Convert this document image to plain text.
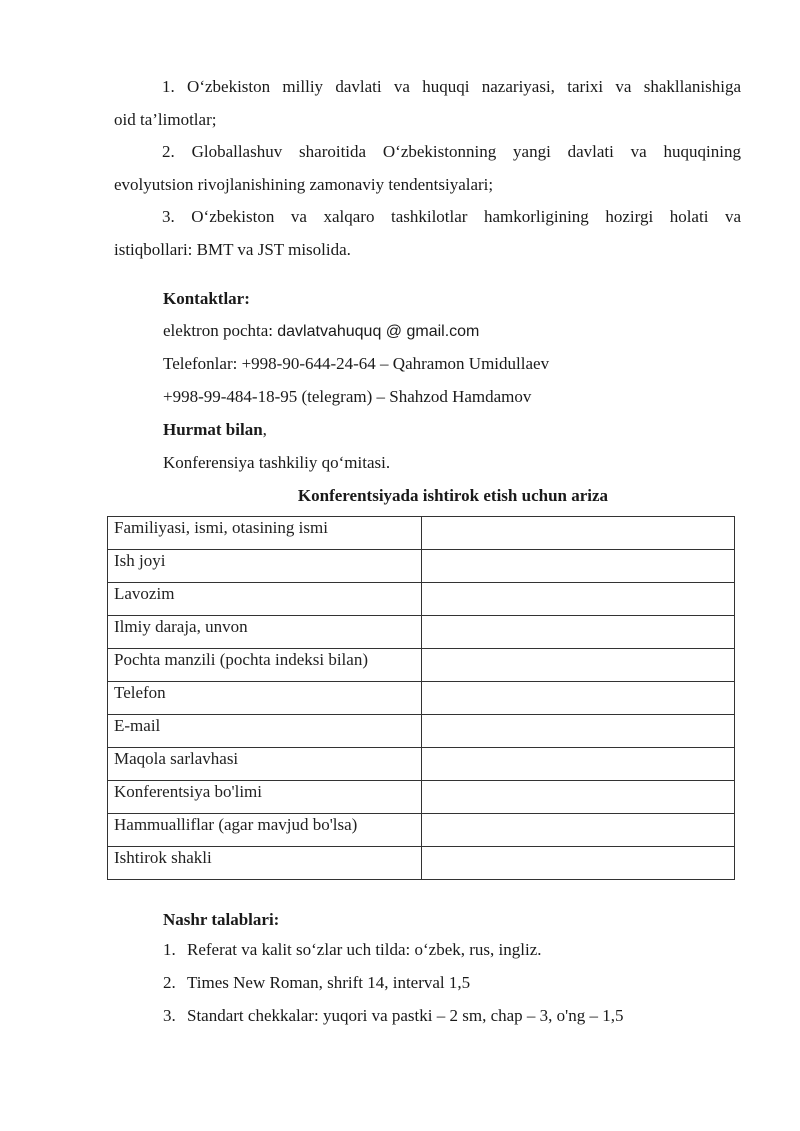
1. O‘zbekiston milliy davlati va huquqi nazariyasi, tarixi va shakllanishiga
oid ta’limotlar;
2. Globallashuv sharoitida O‘zbekistonning yangi davlati va huquqining
evolyutsion rivojlanishining zamonaviy tendentsiyalari;
3. O‘zbekiston va xalqaro tashkilotlar hamkorligining hozirgi holati va
istiqbollari: BMT va JST misolida.
Kontaktlar:
elektron pochta: davlatvahuquq @ gmail.com
Telefonlar: +998-90-644-24-64 – Qahramon Umidullaev
+998-99-484-18-95 (telegram) – Shahzod Hamdamov
Hurmat bilan,
Konferensiya tashkiliy qo‘mitasi.
Konferentsiyada ishtirok etish uchun ariza
Familiyasi, ismi, otasining ismi	
Ish joyi	
Lavozim	
Ilmiy daraja, unvon	
Pochta manzili (pochta indeksi bilan)	
Telefon	
E-mail	
Maqola sarlavhasi	
Konferentsiya bo'limi	
Hammualliflar (agar mavjud bo'lsa)	
Ishtirok shakli	
Nashr talablari:
1. Referat va kalit so‘zlar uch tilda: o‘zbek, rus, ingliz.
2. Times New Roman, shrift 14, interval 1,5
3. Standart chekkalar: yuqori va pastki – 2 sm, chap – 3, o'ng – 1,5
